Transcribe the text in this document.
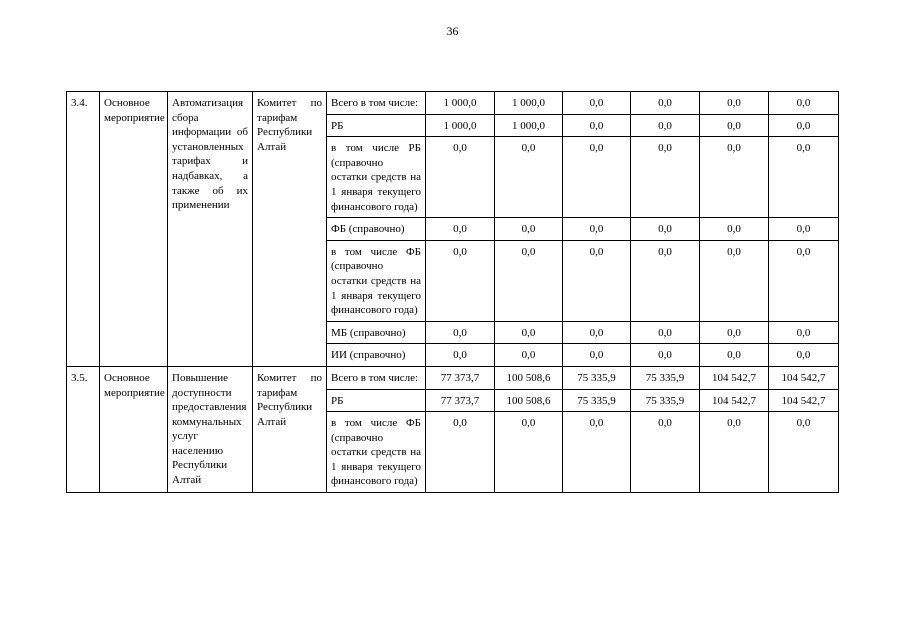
36
3.4.	Основное мероприятие	Автоматизация сбора информации об установленных тарифах и надбавках, а также об их применении	Комитет по тарифам Республики Алтай	Всего в том числе:	1 000,0	1 000,0	0,0	0,0	0,0	0,0
				РБ	1 000,0	1 000,0	0,0	0,0	0,0	0,0
				в том числе РБ (справочно остатки средств на 1 января текущего финансового года)	0,0	0,0	0,0	0,0	0,0	0,0
				ФБ (справочно)	0,0	0,0	0,0	0,0	0,0	0,0
				в том числе ФБ (справочно остатки средств на 1 января текущего финансового года)	0,0	0,0	0,0	0,0	0,0	0,0
				МБ (справочно)	0,0	0,0	0,0	0,0	0,0	0,0
				ИИ (справочно)	0,0	0,0	0,0	0,0	0,0	0,0
3.5.	Основное мероприятие	Повышение доступности предоставления коммунальных услуг населению Республики Алтай	Комитет по тарифам Республики Алтай	Всего в том числе:	77 373,7	100 508,6	75 335,9	75 335,9	104 542,7	104 542,7
				РБ	77 373,7	100 508,6	75 335,9	75 335,9	104 542,7	104 542,7
				в том числе ФБ (справочно остатки средств на 1 января текущего финансового года)	0,0	0,0	0,0	0,0	0,0	0,0
